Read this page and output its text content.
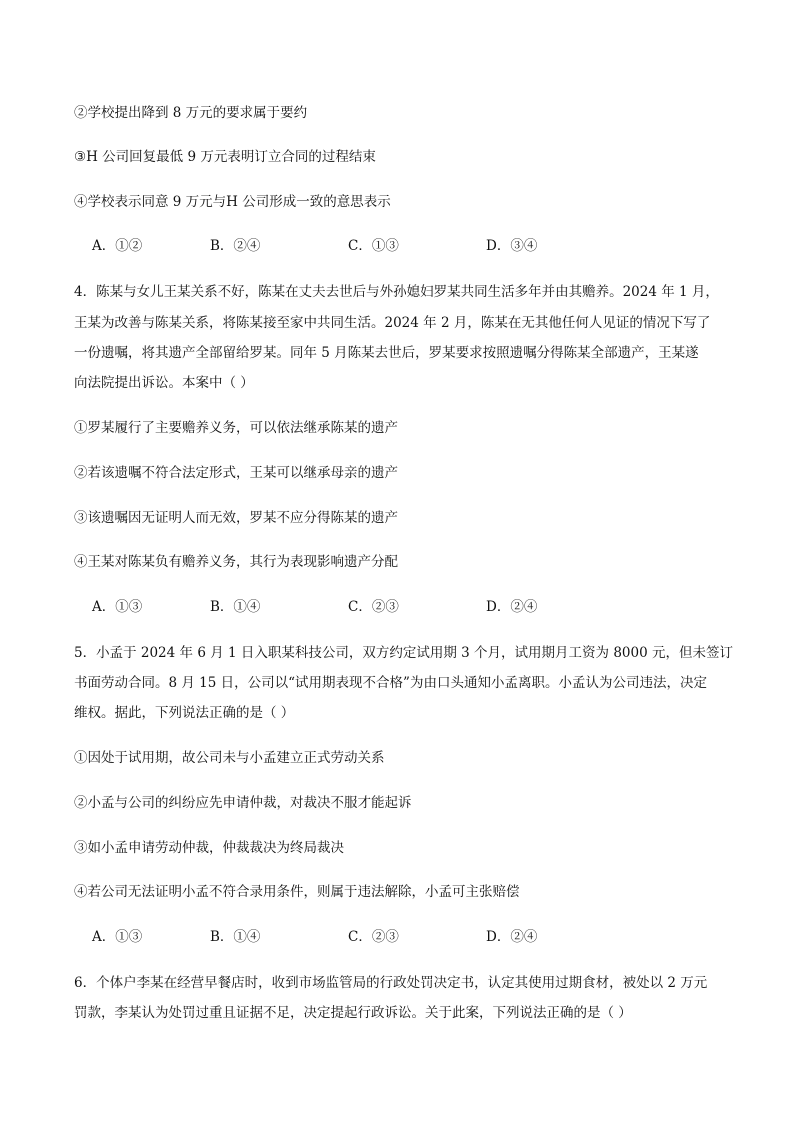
②学校提出降到 8 万元的要求属于要约
③H 公司回复最低 9 万元表明订立合同的过程结束
④学校表示同意 9 万元与H 公司形成一致的意思表示
A．①②	B．②④	C．①③	D．③④
4．陈某与女儿王某关系不好，陈某在丈夫去世后与外孙媳妇罗某共同生活多年并由其赡养。2024 年 1 月，
王某为改善与陈某关系，将陈某接至家中共同生活。2024 年 2 月，陈某在无其他任何人见证的情况下写了
一份遗嘱，将其遗产全部留给罗某。同年 5 月陈某去世后，罗某要求按照遗嘱分得陈某全部遗产，王某遂
向法院提出诉讼。本案中（ ）
①罗某履行了主要赡养义务，可以依法继承陈某的遗产
②若该遗嘱不符合法定形式，王某可以继承母亲的遗产
③该遗嘱因无证明人而无效，罗某不应分得陈某的遗产
④王某对陈某负有赡养义务，其行为表现影响遗产分配
A．①③	B．①④	C．②③	D．②④
5．小孟于 2024 年 6 月 1 日入职某科技公司，双方约定试用期 3 个月，试用期月工资为 8000 元，但未签订
书面劳动合同。8 月 15 日，公司以“试用期表现不合格”为由口头通知小孟离职。小孟认为公司违法，决定
维权。据此，下列说法正确的是（ ）
①因处于试用期，故公司未与小孟建立正式劳动关系
②小孟与公司的纠纷应先申请仲裁，对裁决不服才能起诉
③如小孟申请劳动仲裁，仲裁裁决为终局裁决
④若公司无法证明小孟不符合录用条件，则属于违法解除，小孟可主张赔偿
A．①③	B．①④	C．②③	D．②④
6．个体户李某在经营早餐店时，收到市场监管局的行政处罚决定书，认定其使用过期食材，被处以 2 万元
罚款，李某认为处罚过重且证据不足，决定提起行政诉讼。关于此案，下列说法正确的是（ ）
